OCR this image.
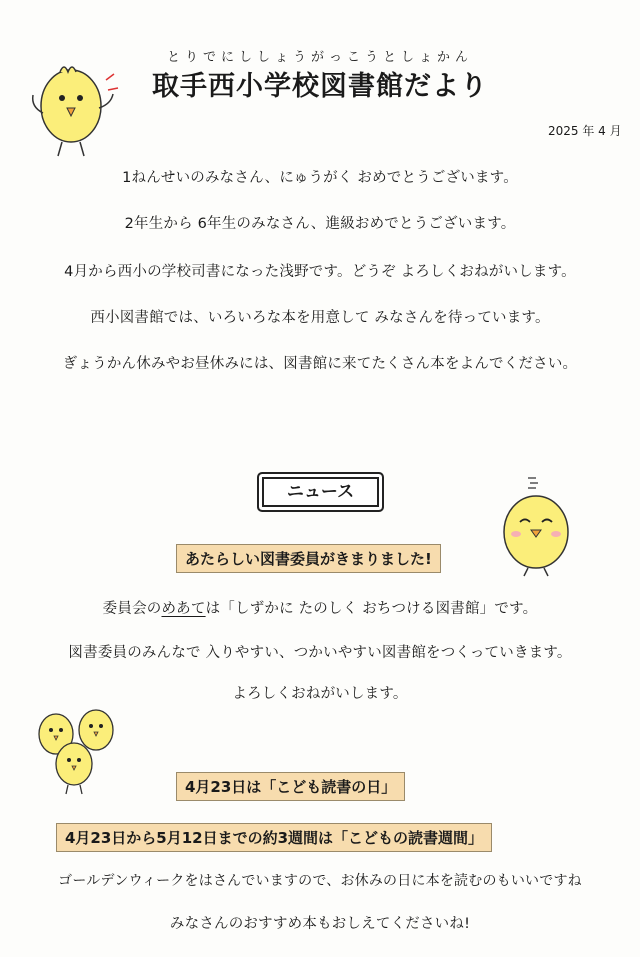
とりでにししょうがっこうとしょかん
取手西小学校図書館だより
2025 年 4 月
1ねんせいのみなさん、にゅうがく おめでとうございます。
2年生から 6年生のみなさん、進級おめでとうございます。
4月から西小の学校司書になった浅野です。どうぞ よろしくおねがいします。
西小図書館では、いろいろな本を用意して みなさんを待っています。
ぎょうかん休みやお昼休みには、図書館に来てたくさん本をよんでください。
ニュース
あたらしい図書委員がきまりました!
委員会のめあては「しずかに たのしく おちつける図書館」です。
図書委員のみんなで 入りやすい、つかいやすい図書館をつくっていきます。
よろしくおねがいします。
4月23日は「こども読書の日」
4月23日から5月12日までの約3週間は「こどもの読書週間」
ゴールデンウィークをはさんでいますので、お休みの日に本を読むのもいいですね
みなさんのおすすめ本もおしえてくださいね!
